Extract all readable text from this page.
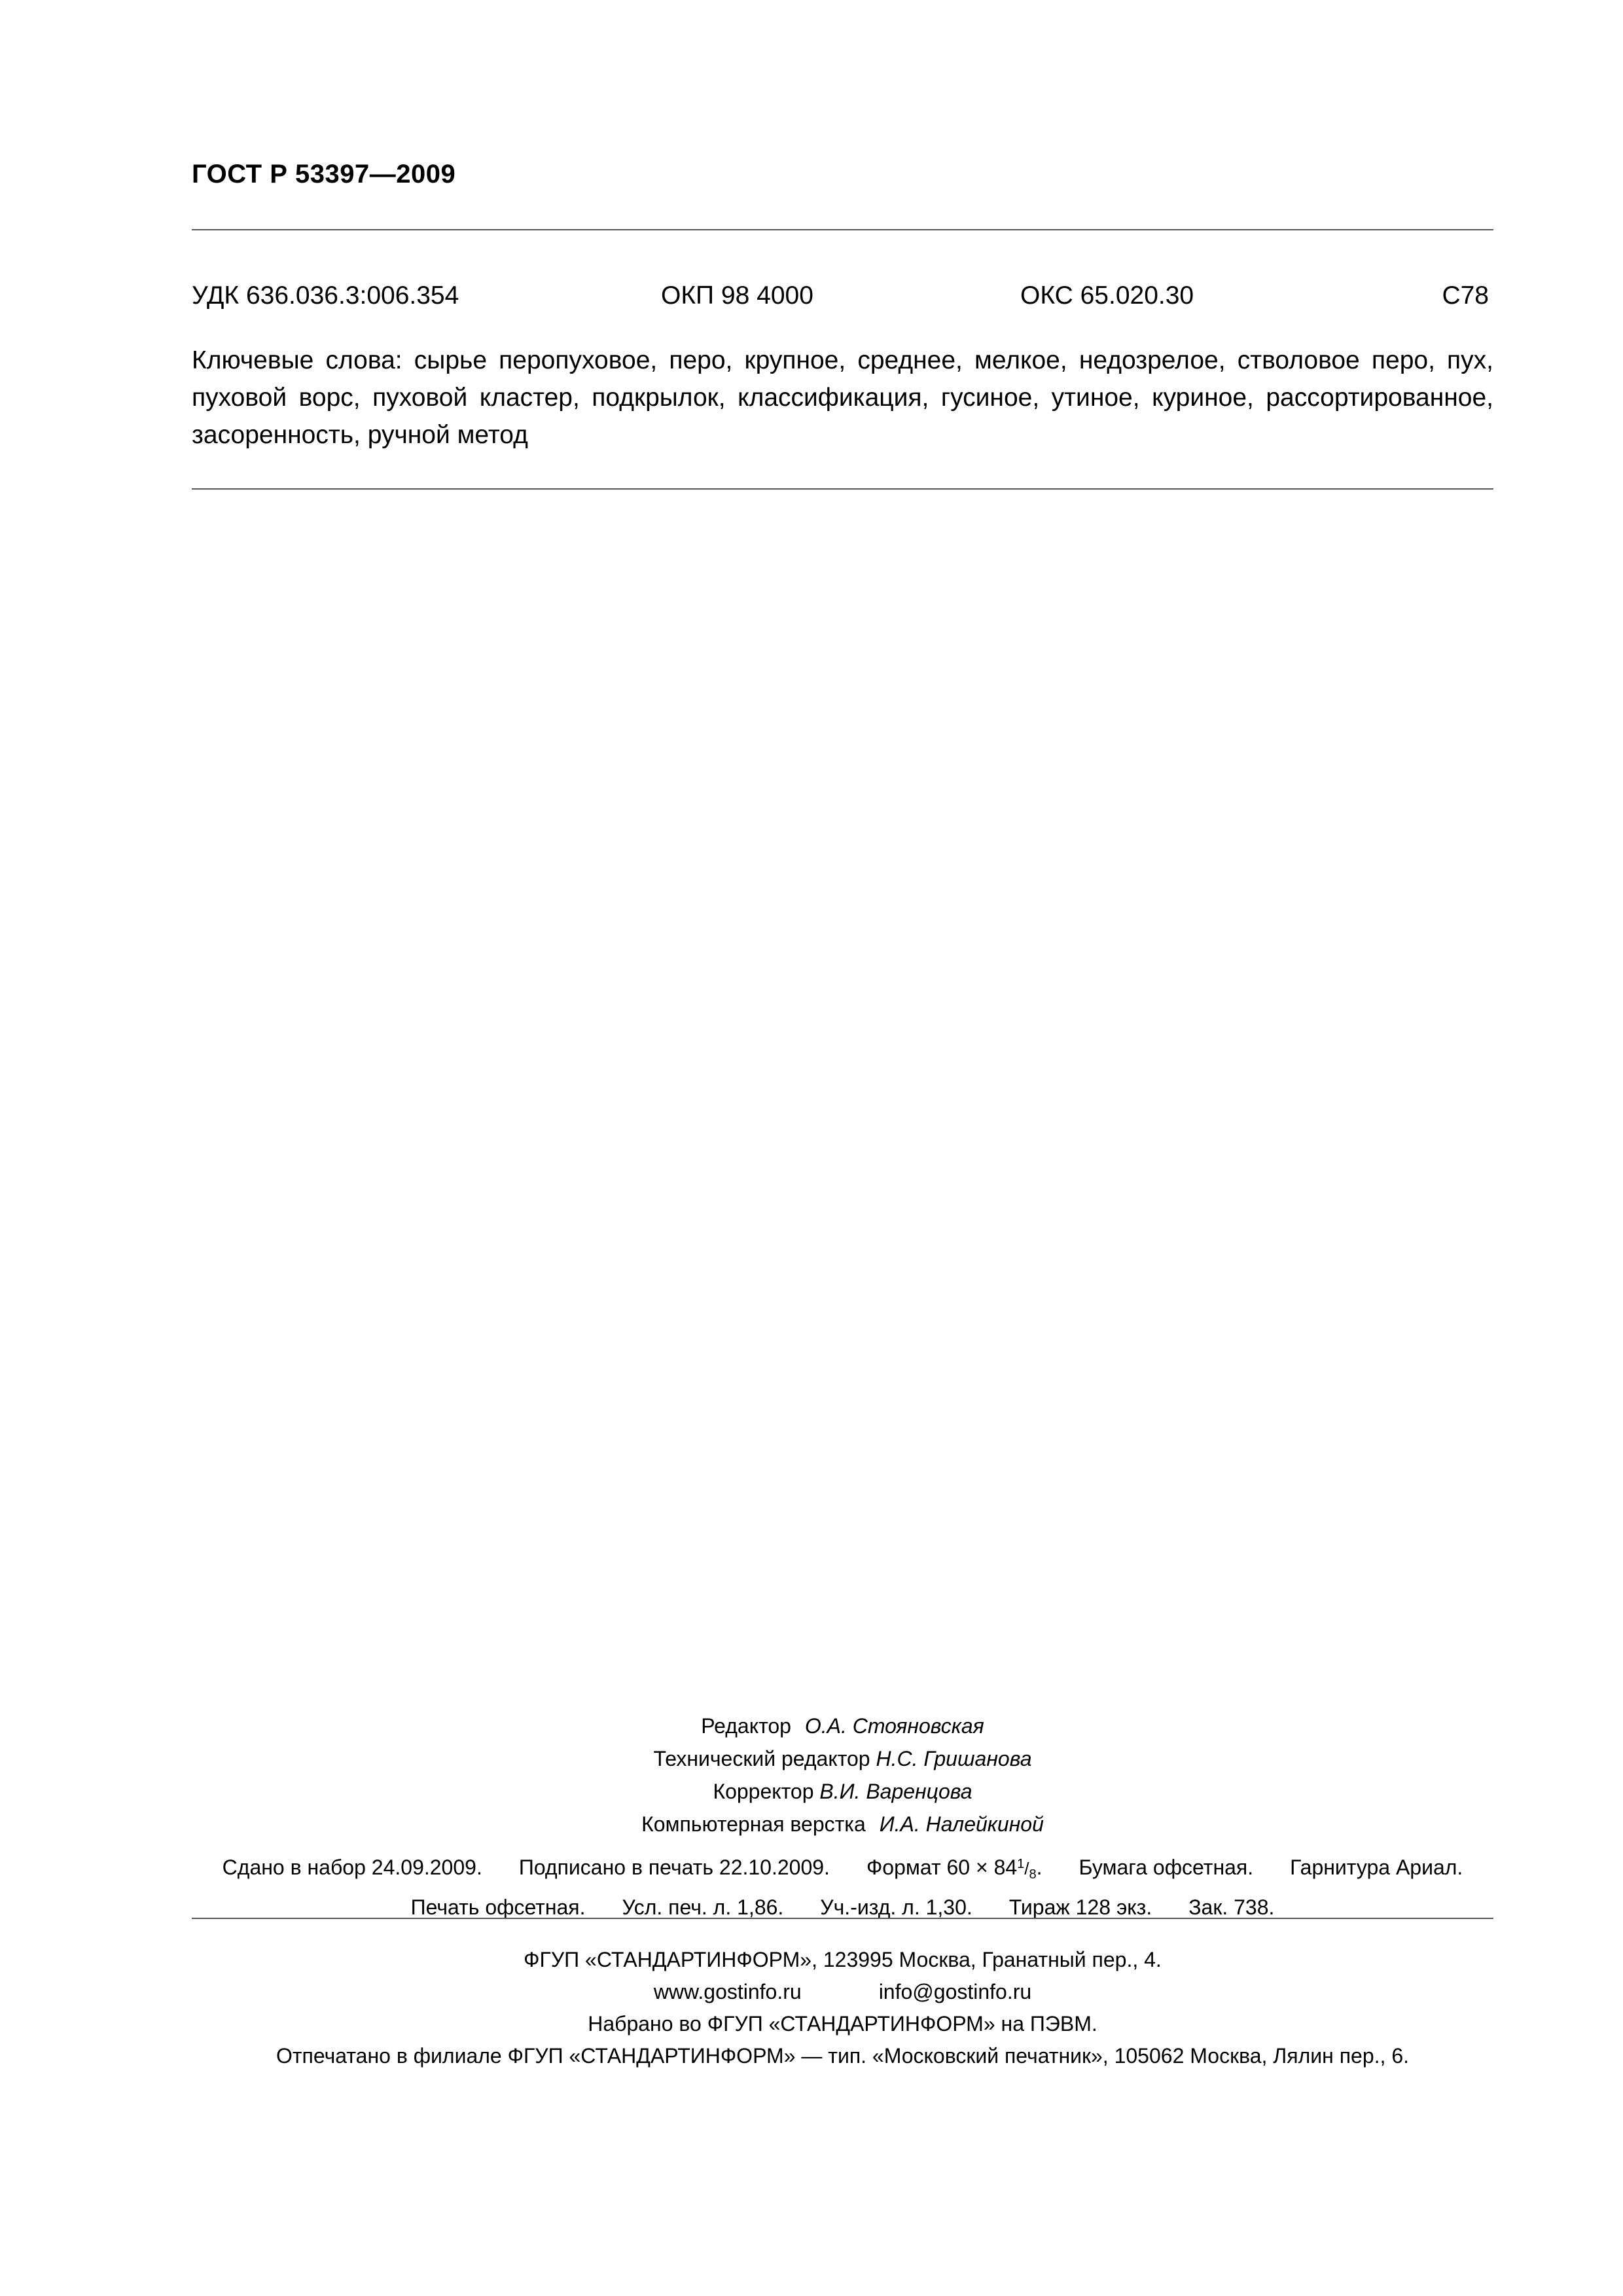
ГОСТ Р 53397—2009
УДК 636.036.3:006.354	ОКП 98 4000	ОКС 65.020.30	С78
Ключевые слова: сырье перопуховое, перо, крупное, среднее, мелкое, недозрелое, стволовое перо, пух, пуховой ворс, пуховой кластер, подкрылок, классификация, гусиное, утиное, куриное, рассортированное, засоренность, ручной метод
Редактор О.А. Стояновская
Технический редактор Н.С. Гришанова
Корректор В.И. Варенцова
Компьютерная верстка И.А. Налейкиной
Сдано в набор 24.09.2009. Подписано в печать 22.10.2009. Формат $60 \times 84^1/_8$. Бумага офсетная. Гарнитура Ариал.
Печать офсетная. Усл. печ. л. 1,86. Уч.-изд. л. 1,30. Тираж 128 экз. Зак. 738.
ФГУП «СТАНДАРТИНФОРМ», 123995 Москва, Гранатный пер., 4.
www.gostinfo.ru	info@gostinfo.ru
Набрано во ФГУП «СТАНДАРТИНФОРМ» на ПЭВМ.
Отпечатано в филиале ФГУП «СТАНДАРТИНФОРМ» — тип. «Московский печатник», 105062 Москва, Лялин пер., 6.
